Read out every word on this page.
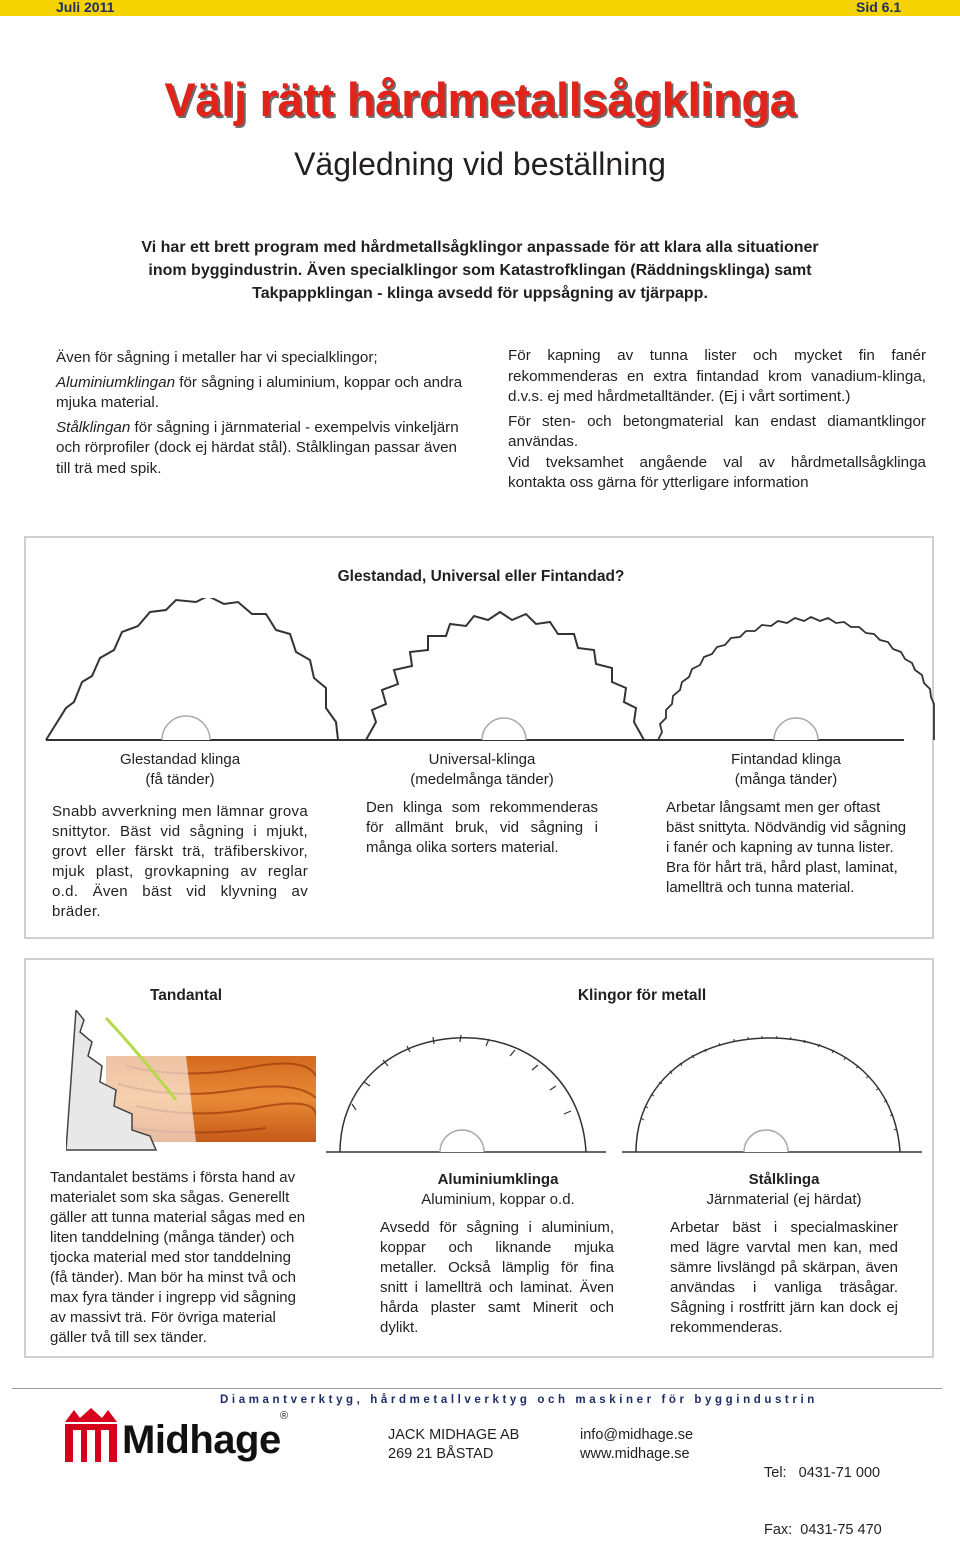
Juli 2011	Sid 6.1
Välj rätt hårdmetallsågklinga
Vägledning vid beställning
Vi har ett brett program med hårdmetallsågklingor anpassade för att klara alla situationer
inom byggindustrin. Även specialklingor som Katastrofklingan (Räddningsklinga) samt
Takpappklingan - klinga avsedd för uppsågning av tjärpapp.

Även för sågning i metaller har vi specialklingor;

Aluminiumklingan för sågning i aluminium, koppar och andra mjuka material.

Stålklingan för sågning i järnmaterial - exempelvis vinkeljärn och rörprofiler (dock ej härdat stål). Stålklingan passar även till trä med spik.

För kapning av tunna lister och mycket fin fanér rekommenderas en extra fintandad krom vanadium-klinga, d.v.s. ej med hårdmetalltänder. (Ej i vårt sortiment.)

För sten- och betongmaterial kan endast diamantklingor användas.

Vid tveksamhet angående val av hårdmetallsågklinga kontakta oss gärna för ytterligare information

Glestandad, Universal eller Fintandad?
Glestandad klinga
(få tänder)
Snabb avverkning men lämnar grova snittytor. Bäst vid sågning i mjukt, grovt eller färskt trä, träfiberskivor, mjuk plast, grovkapning av reglar o.d. Även bäst vid klyvning av bräder.
Universal-klinga
(medelmånga tänder)
Den klinga som rekommenderas för allmänt bruk, vid sågning i många olika sorters material.
Fintandad klinga
(många tänder)
Arbetar långsamt men ger oftast bäst snittyta. Nödvändig vid sågning i fanér och kapning av tunna lister.
Bra för hårt trä, hård plast, laminat, lamellträ och tunna material.
Tandantal	Klingor för metall
Tandantalet bestäms i första hand av materialet som ska sågas. Generellt gäller att tunna material sågas med en liten tanddelning (många tänder) och tjocka material med stor tanddelning (få tänder). Man bör ha minst två och max fyra tänder i ingrepp vid sågning av massivt trä. För övriga material gäller två till sex tänder.
Aluminiumklinga
Aluminium, koppar o.d.
Avsedd för sågning i aluminium, koppar och liknande mjuka metaller. Också lämplig för fina snitt i lamellträ och laminat. Även hårda plaster samt Minerit och dylikt.
Stålklinga
Järnmaterial (ej härdat)
Arbetar bäst i specialmaskiner med lägre varvtal men kan, med sämre livslängd på skärpan, även användas i vanliga träsågar. Sågning i rostfritt järn kan dock ej rekommenderas.
Diamantverktyg, hårdmetallverktyg och maskiner för byggindustrin
Midhage
®
JACK MIDHAGE AB
269 21 BÅSTAD
info@midhage.se
www.midhage.se

Tel:   0431-71 000

Fax:  0431-75 470
